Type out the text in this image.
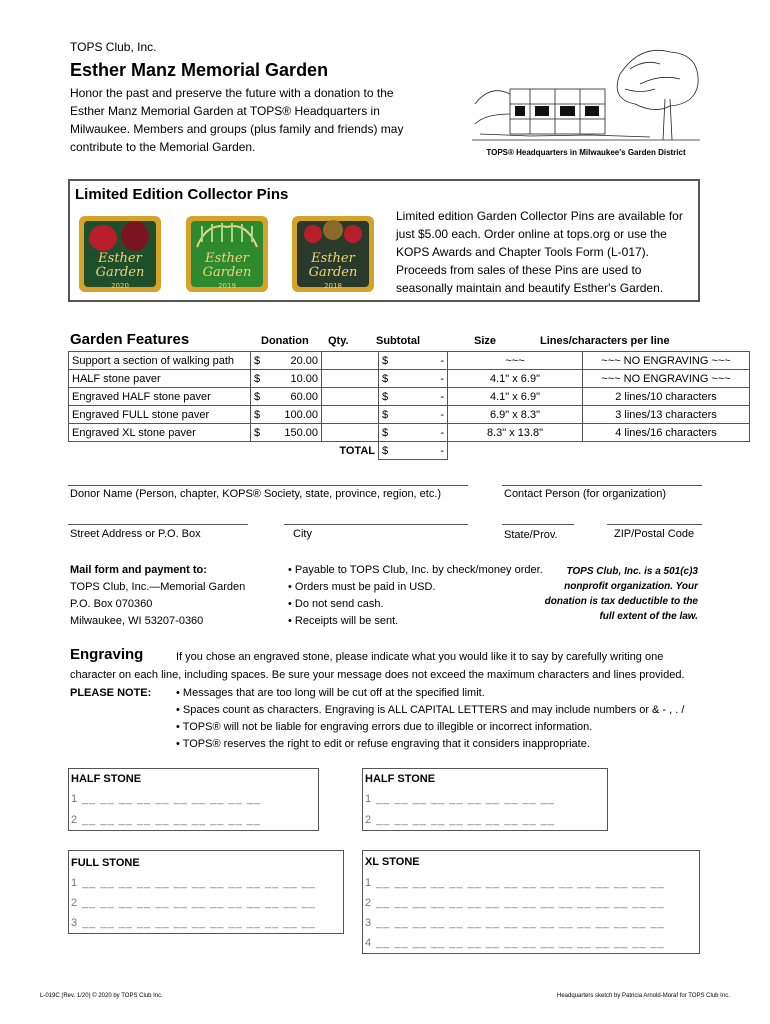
TOPS Club, Inc.
Esther Manz Memorial Garden
Honor the past and preserve the future with a donation to the Esther Manz Memorial Garden at TOPS® Headquarters in Milwaukee. Members and groups (plus family and friends) may contribute to the Memorial Garden.	TOPS® Headquarters in Milwaukee's Garden District
Limited Edition Collector Pins
Limited edition Garden Collector Pins are available for just $5.00 each. Order online at tops.org or use the KOPS Awards and Chapter Tools Form (L-017). Proceeds from sales of these Pins are used to seasonally maintain and beautify Esther's Garden.
Esther
Garden
2020
Esther
Garden
2019
Esther
Garden
2018
Garden Features	Donation Qty. Subtotal	Size	Lines/characters per line
Support a section of walking path	$ 20.00		$ -	~~~	~~~ NO ENGRAVING ~~~
HALF stone paver	$ 10.00		$ -	4.1" x 6.9"	~~~ NO ENGRAVING ~~~
Engraved HALF stone paver	$ 60.00		$ -	4.1" x 6.9"	2 lines/10 characters
Engraved FULL stone paver	$ 100.00		$ -	6.9" x 8.3"	3 lines/13 characters
Engraved XL stone paver	$ 150.00		$ -	8.3" x 13.8"	4 lines/16 characters
	TOTAL		$ -		

Donor Name (Person, chapter, KOPS® Society, state, province, region, etc.)	Contact Person (for organization)
Street Address or P.O. Box	City	State/Prov.	ZIP/Postal Code
Mail form and payment to:
TOPS Club, Inc.—Memorial Garden
P.O. Box 070360
Milwaukee, WI 53207-0360
• Payable to TOPS Club, Inc. by check/money order.
• Orders must be paid in USD.
• Do not send cash.
• Receipts will be sent.
TOPS Club, Inc. is a 501(c)3
nonprofit organization. Your
donation is tax deductible to the
full extent of the law.
Engraving	If you chose an engraved stone, please indicate what you would like it to say by carefully writing one
character on each line, including spaces. Be sure your message does not exceed the maximum characters and lines provided.
PLEASE NOTE: • Messages that are too long will be cut off at the specified limit.
• Spaces count as characters. Engraving is ALL CAPITAL LETTERS and may include numbers or & - , . /
• TOPS® will not be liable for engraving errors due to illegible or incorrect information.
• TOPS® reserves the right to edit or refuse engraving that it considers inappropriate.
HALF STONE
1 __ __ __ __ __ __ __ __ __ __
2 __ __ __ __ __ __ __ __ __ __
HALF STONE
1 __ __ __ __ __ __ __ __ __ __
2 __ __ __ __ __ __ __ __ __ __
FULL STONE
1 __ __ __ __ __ __ __ __ __ __ __ __ __
2 __ __ __ __ __ __ __ __ __ __ __ __ __
3 __ __ __ __ __ __ __ __ __ __ __ __ __
XL STONE
1 __ __ __ __ __ __ __ __ __ __ __ __ __ __ __ __
2 __ __ __ __ __ __ __ __ __ __ __ __ __ __ __ __
3 __ __ __ __ __ __ __ __ __ __ __ __ __ __ __ __
4 __ __ __ __ __ __ __ __ __ __ __ __ __ __ __ __
L-019C (Rev. 1/20) © 2020 by TOPS Club Inc.	Headquarters sketch by Patricia Arnold-Moraf for TOPS Club Inc.
